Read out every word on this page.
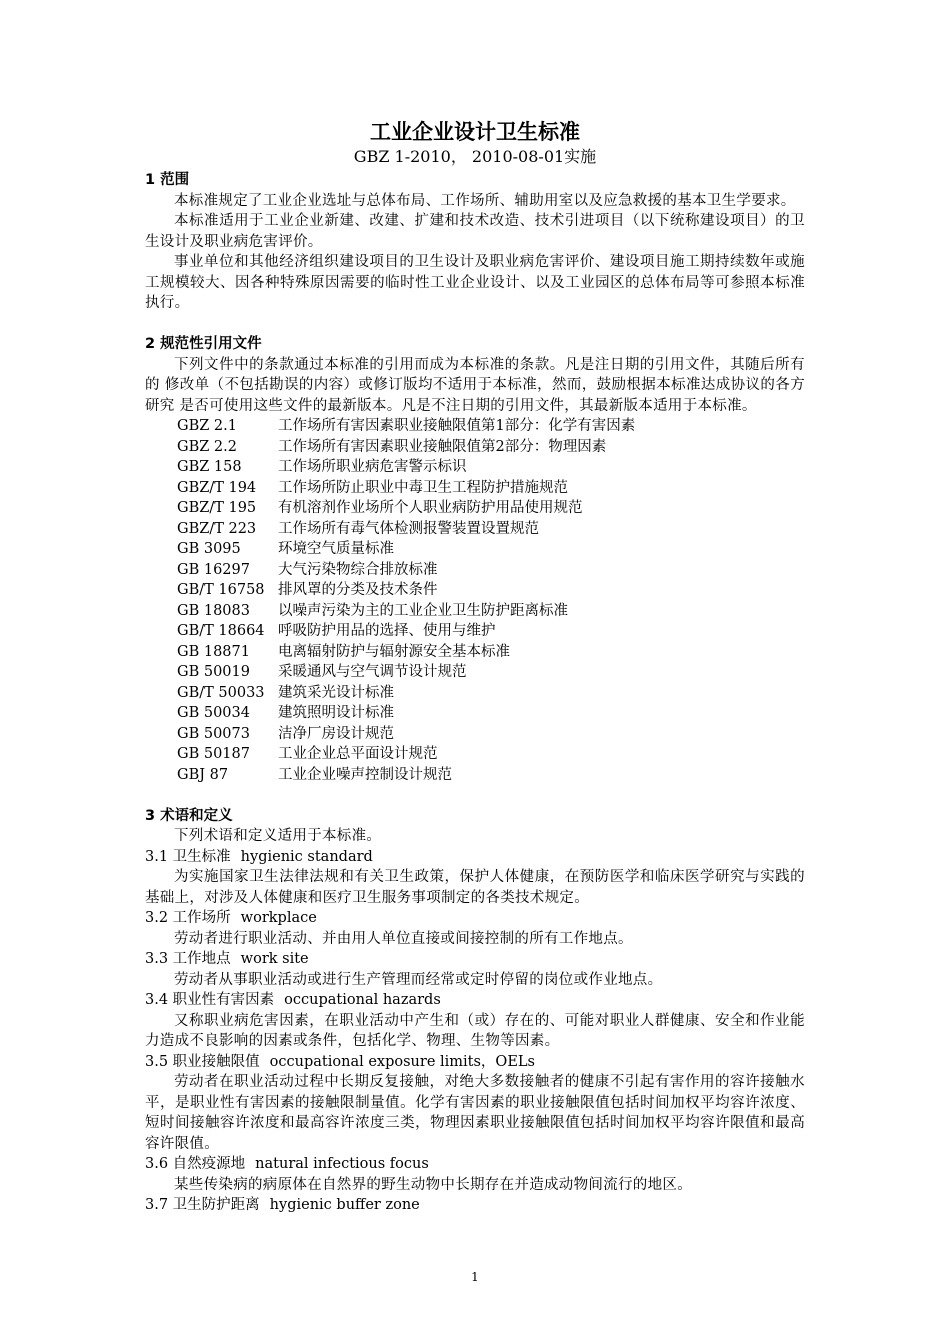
工业企业设计卫生标准
GBZ 1-2010， 2010-08-01实施
1 范围
本标准规定了工业企业选址与总体布局、工作场所、辅助用室以及应急救援的基本卫生学要求。
本标准适用于工业企业新建、改建、扩建和技术改造、技术引进项目（以下统称建设项目）的卫生设计及职业病危害评价。
事业单位和其他经济组织建设项目的卫生设计及职业病危害评价、建设项目施工期持续数年或施工规模较大、因各种特殊原因需要的临时性工业企业设计、以及工业园区的总体布局等可参照本标准执行。
2 规范性引用文件
下列文件中的条款通过本标准的引用而成为本标准的条款。凡是注日期的引用文件，其随后所有的 修改单（不包括勘误的内容）或修订版均不适用于本标准，然而，鼓励根据本标准达成协议的各方研究 是否可使用这些文件的最新版本。凡是不注日期的引用文件，其最新版本适用于本标准。
GBZ 2.1	工作场所有害因素职业接触限值第1部分：化学有害因素
GBZ 2.2	工作场所有害因素职业接触限值第2部分：物理因素
GBZ 158	工作场所职业病危害警示标识
GBZ/T 194	工作场所防止职业中毒卫生工程防护措施规范
GBZ/T 195	有机溶剂作业场所个人职业病防护用品使用规范
GBZ/T 223	工作场所有毒气体检测报警装置设置规范
GB 3095	环境空气质量标准
GB 16297	大气污染物综合排放标准
GB/T 16758 排风罩的分类及技术条件
GB 18083	以噪声污染为主的工业企业卫生防护距离标准
GB/T 18664 呼吸防护用品的选择、使用与维护
GB 18871	电离辐射防护与辐射源安全基本标准
GB 50019	采暖通风与空气调节设计规范
GB/T 50033 建筑采光设计标准
GB 50034	建筑照明设计标准
GB 50073	洁净厂房设计规范
GB 50187	工业企业总平面设计规范
GBJ 87	工业企业噪声控制设计规范
3 术语和定义
下列术语和定义适用于本标准。
3.1 卫生标准 hygienic standard
为实施国家卫生法律法规和有关卫生政策，保护人体健康，在预防医学和临床医学研究与实践的基础上，对涉及人体健康和医疗卫生服务事项制定的各类技术规定。
3.2 工作场所 workplace
劳动者进行职业活动、并由用人单位直接或间接控制的所有工作地点。
3.3 工作地点 work site
劳动者从事职业活动或进行生产管理而经常或定时停留的岗位或作业地点。
3.4 职业性有害因素 occupational hazards
又称职业病危害因素，在职业活动中产生和（或）存在的、可能对职业人群健康、安全和作业能力造成不良影响的因素或条件，包括化学、物理、生物等因素。
3.5 职业接触限值 occupational exposure limits，OELs
劳动者在职业活动过程中长期反复接触，对绝大多数接触者的健康不引起有害作用的容许接触水平，是职业性有害因素的接触限制量值。化学有害因素的职业接触限值包括时间加权平均容许浓度、短时间接触容许浓度和最高容许浓度三类，物理因素职业接触限值包括时间加权平均容许限值和最高容许限值。
3.6 自然疫源地 natural infectious focus
某些传染病的病原体在自然界的野生动物中长期存在并造成动物间流行的地区。
3.7 卫生防护距离 hygienic buffer zone
1
